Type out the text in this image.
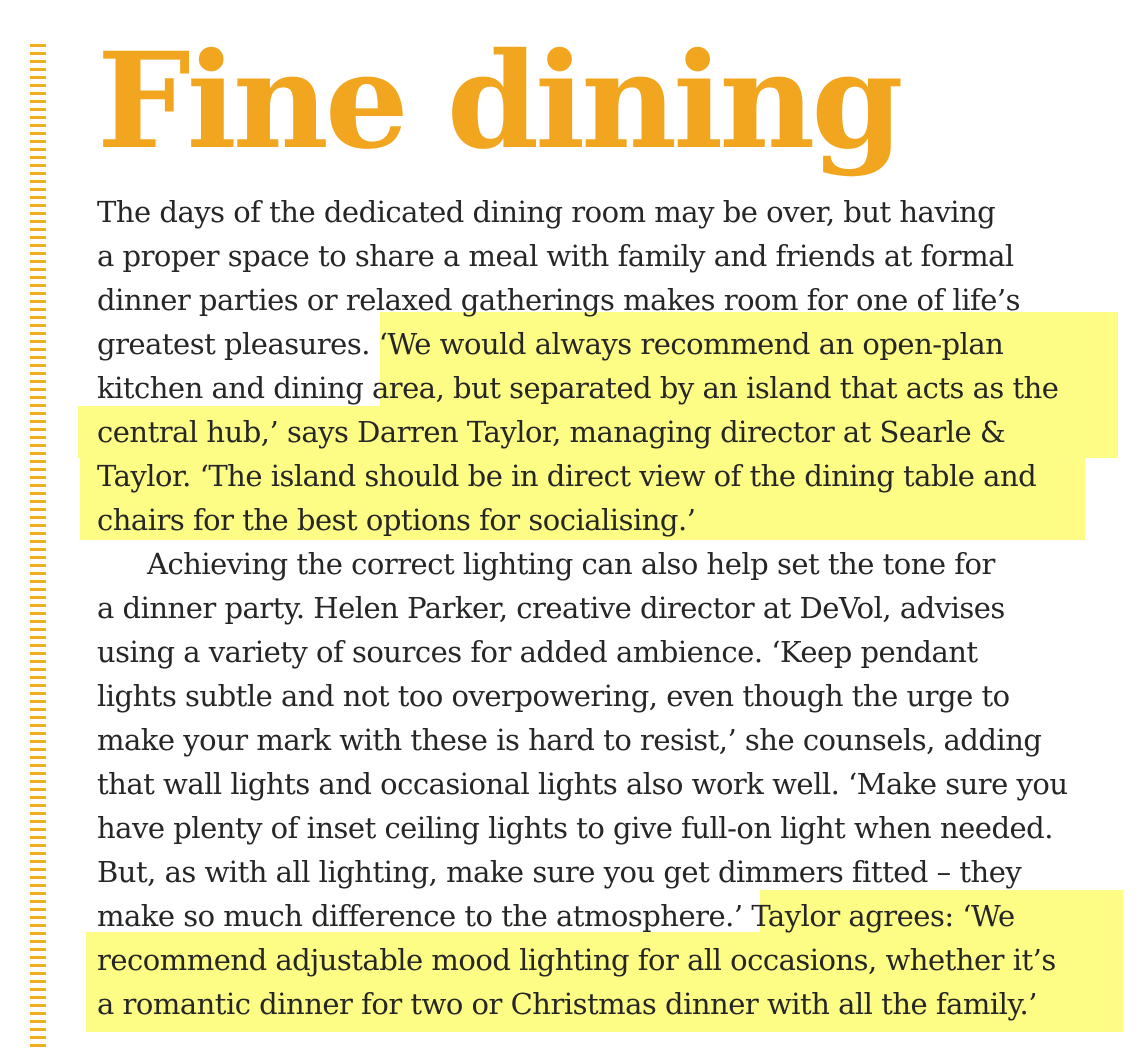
Fine dining
The days of the dedicated dining room may be over, but having
a proper space to share a meal with family and friends at formal
dinner parties or relaxed gatherings makes room for one of life’s
greatest pleasures. ‘We would always recommend an open-plan
kitchen and dining area, but separated by an island that acts as the
central hub,’ says Darren Taylor, managing director at Searle &
Taylor. ‘The island should be in direct view of the dining table and
chairs for the best options for socialising.’
Achieving the correct lighting can also help set the tone for
a dinner party. Helen Parker, creative director at DeVol, advises
using a variety of sources for added ambience. ‘Keep pendant
lights subtle and not too overpowering, even though the urge to
make your mark with these is hard to resist,’ she counsels, adding
that wall lights and occasional lights also work well. ‘Make sure you
have plenty of inset ceiling lights to give full-on light when needed.
But, as with all lighting, make sure you get dimmers fitted – they
make so much difference to the atmosphere.’ Taylor agrees: ‘We
recommend adjustable mood lighting for all occasions, whether it’s
a romantic dinner for two or Christmas dinner with all the family.’
